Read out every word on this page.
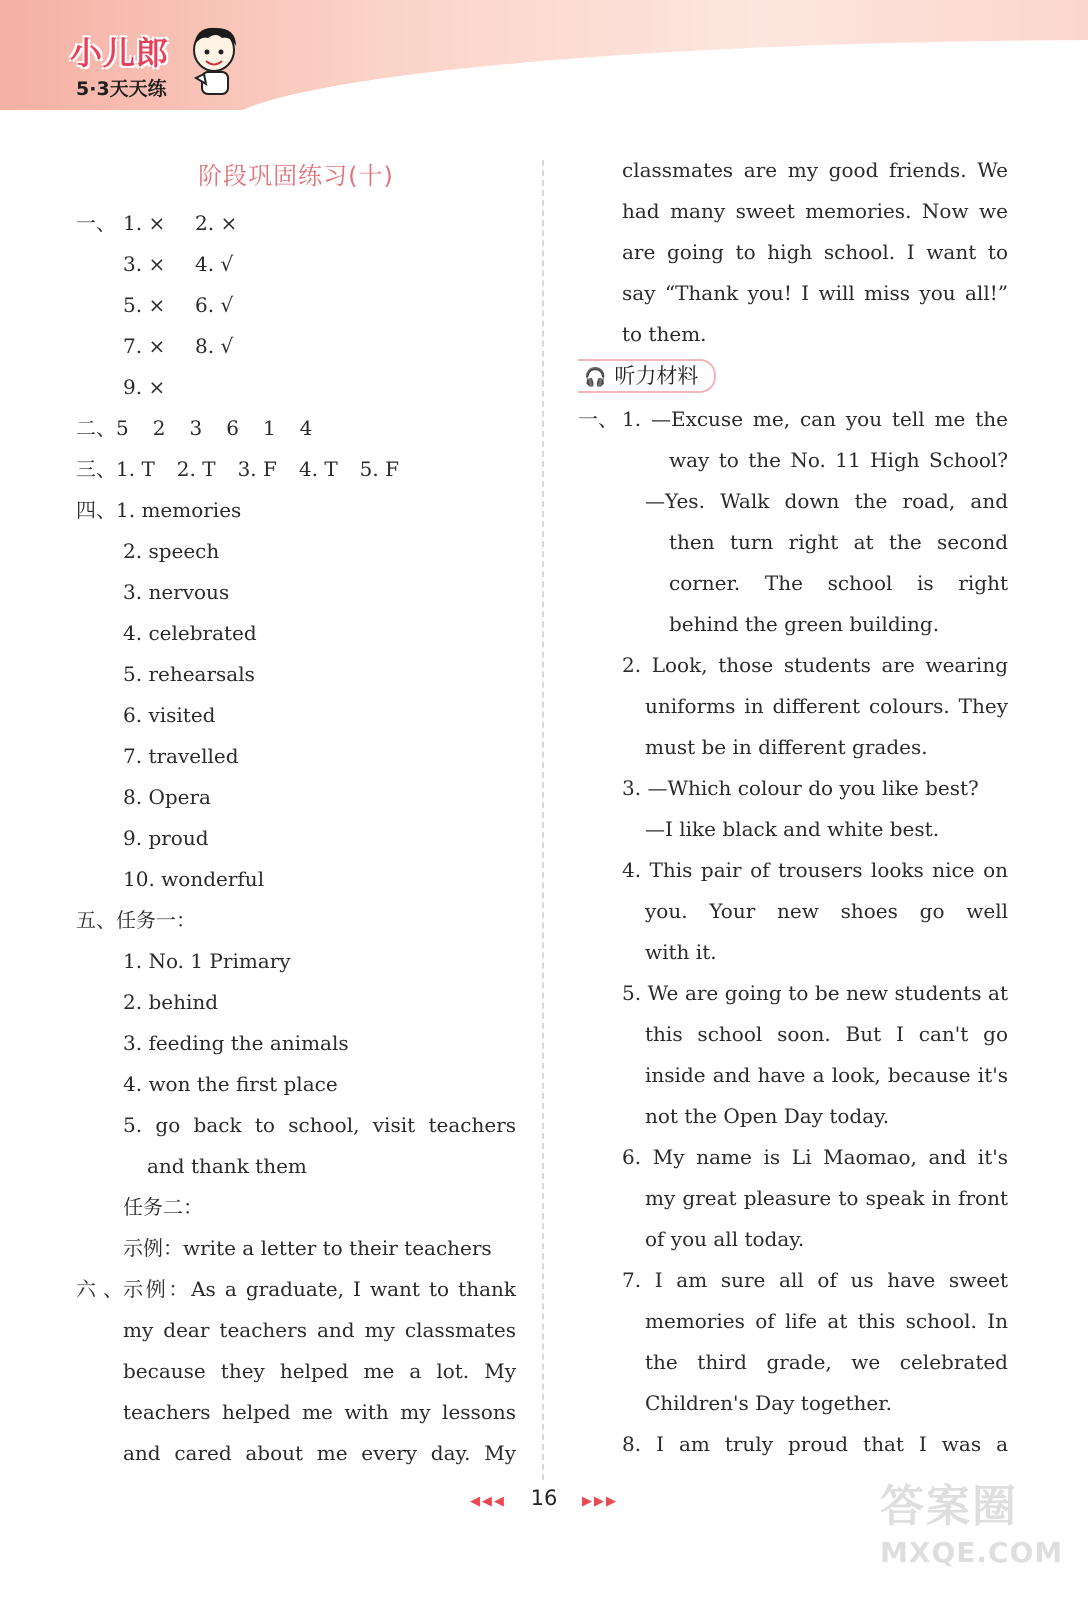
小儿郎
5·3天天练
阶段巩固练习(十)
一、 1. × 2. ×
3. × 4. √
5. × 6. √
7. × 8. √
9. ×
二、5 2 3 6 1 4
三、1. T 2. T 3. F 4. T 5. F
四、1. memories
2. speech
3. nervous
4. celebrated
5. rehearsals
6. visited
7. travelled
8. Opera
9. proud
10. wonderful
五、任务一：
1. No. 1 Primary
2. behind
3. feeding the animals
4. won the first place
5. go back to school, visit teachers
and thank them
任务二：
示例：write a letter to their teachers
六、 示例：As a graduate, I want to thank
my dear teachers and my classmates
because they helped me a lot. My
teachers helped me with my lessons
and cared about me every day. My
classmates are my good friends. We
had many sweet memories. Now we
are going to high school. I want to
say “Thank you! I will miss you all!”
to them.
🎧 听力材料
一、 1. —Excuse me, can you tell me the
way to the No. 11 High School?
—Yes. Walk down the road, and
then turn right at the second
corner. The school is right
behind the green building.
2. Look, those students are wearing
uniforms in different colours. They
must be in different grades.
3. —Which colour do you like best?
—I like black and white best.
4. This pair of trousers looks nice on
you. Your new shoes go well
with it.
5. We are going to be new students at
this school soon. But I can't go
inside and have a look, because it's
not the Open Day today.
6. My name is Li Maomao, and it's
my great pleasure to speak in front
of you all today.
7. I am sure all of us have sweet
memories of life at this school. In
the third grade, we celebrated
Children's Day together.
8. I am truly proud that I was a
◀◀◀ 16 ▶▶▶	答案圈
MXQE.COM
